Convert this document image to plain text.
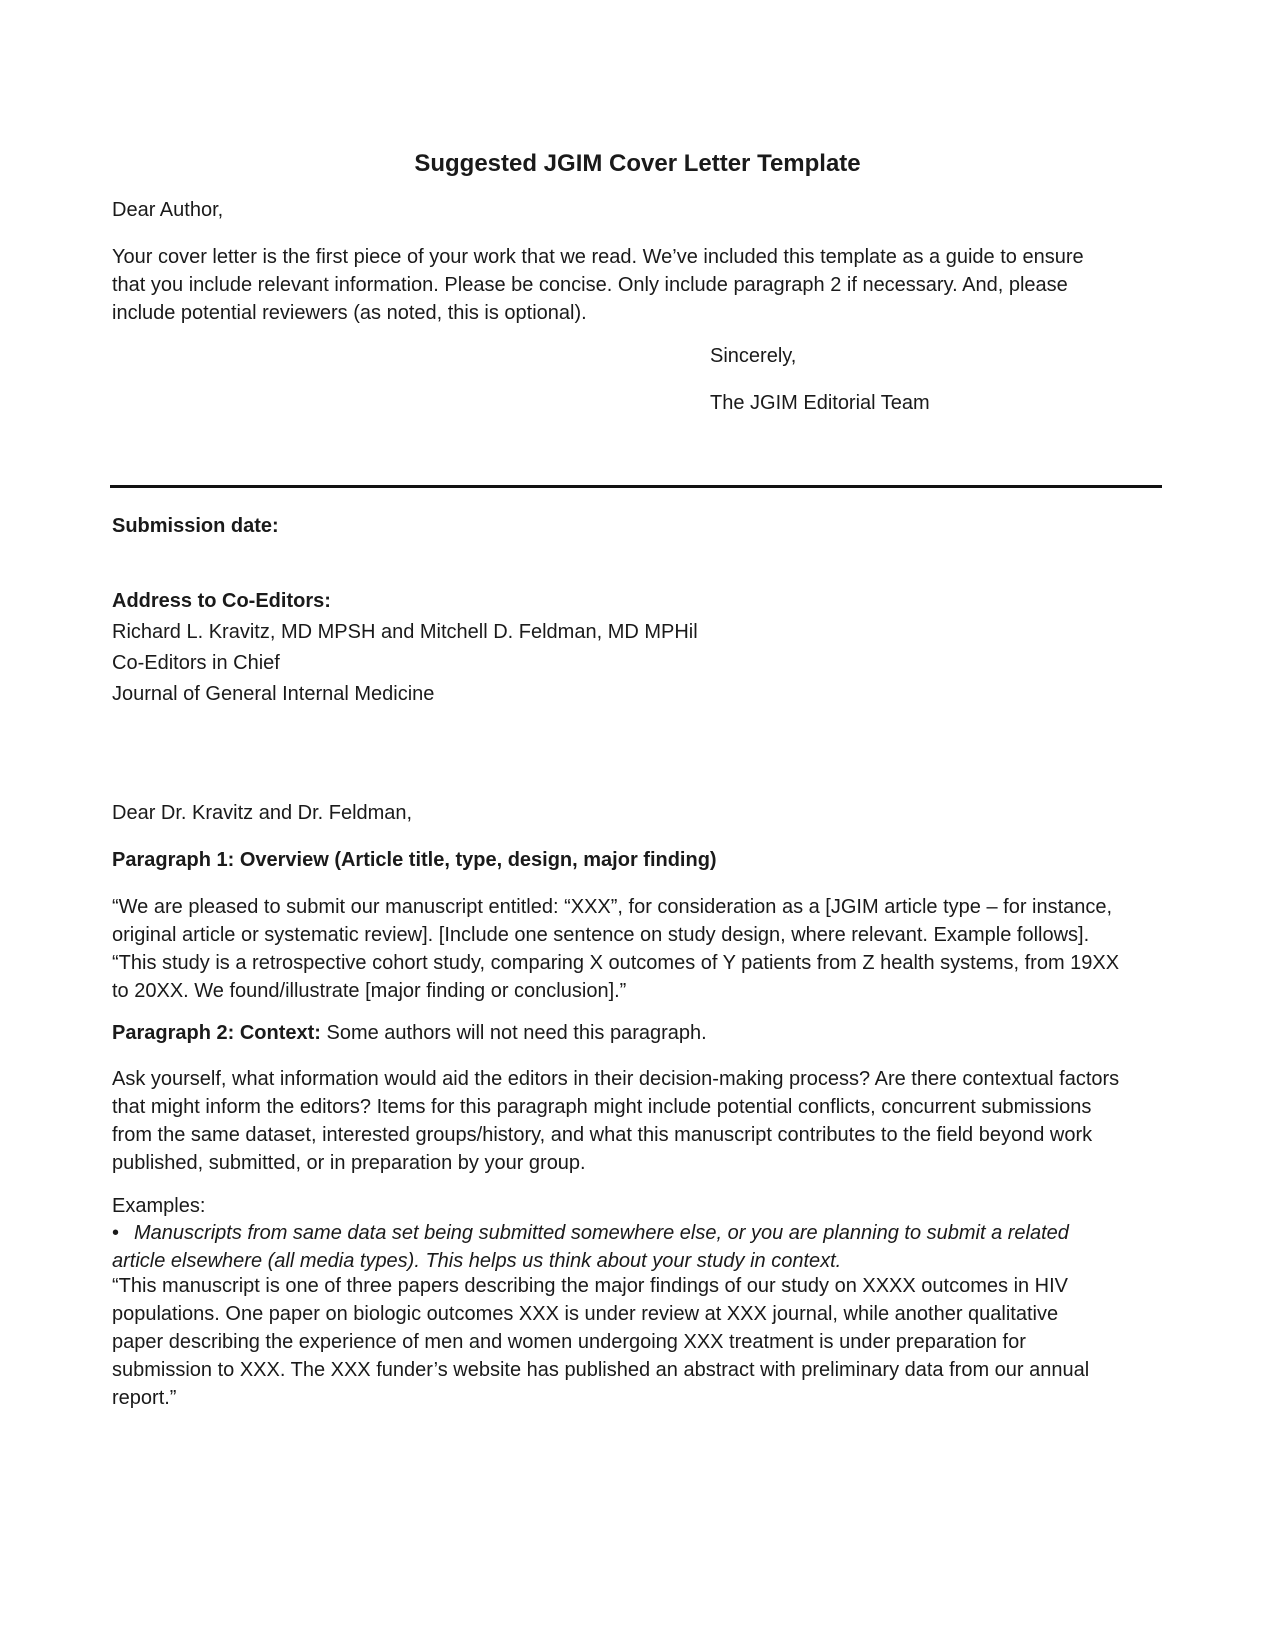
Suggested JGIM Cover Letter Template

Dear Author,

Your cover letter is the first piece of your work that we read. We’ve included this template as a guide to ensure that you include relevant information. Please be concise. Only include paragraph 2 if necessary. And, please include potential reviewers (as noted, this is optional).

Sincerely,

The JGIM Editorial Team

Submission date:

Address to Co-Editors:
Richard L. Kravitz, MD MPSH and Mitchell D. Feldman, MD MPHil
Co-Editors in Chief
Journal of General Internal Medicine

Dear Dr. Kravitz and Dr. Feldman,

Paragraph 1: Overview (Article title, type, design, major finding)

“We are pleased to submit our manuscript entitled: “XXX”, for consideration as a [JGIM article type – for instance, original article or systematic review]. [Include one sentence on study design, where relevant. Example follows]. “This study is a retrospective cohort study, comparing X outcomes of Y patients from Z health systems, from 19XX to 20XX. We found/illustrate [major finding or conclusion].”

Paragraph 2: Context: Some authors will not need this paragraph.

Ask yourself, what information would aid the editors in their decision-making process? Are there contextual factors that might inform the editors? Items for this paragraph might include potential conflicts, concurrent submissions from the same dataset, interested groups/history, and what this manuscript contributes to the field beyond work published, submitted, or in preparation by your group.

Examples:

• Manuscripts from same data set being submitted somewhere else, or you are planning to submit a related article elsewhere (all media types). This helps us think about your study in context.

“This manuscript is one of three papers describing the major findings of our study on XXXX outcomes in HIV populations. One paper on biologic outcomes XXX is under review at XXX journal, while another qualitative paper describing the experience of men and women undergoing XXX treatment is under preparation for submission to XXX. The XXX funder’s website has published an abstract with preliminary data from our annual report.”
